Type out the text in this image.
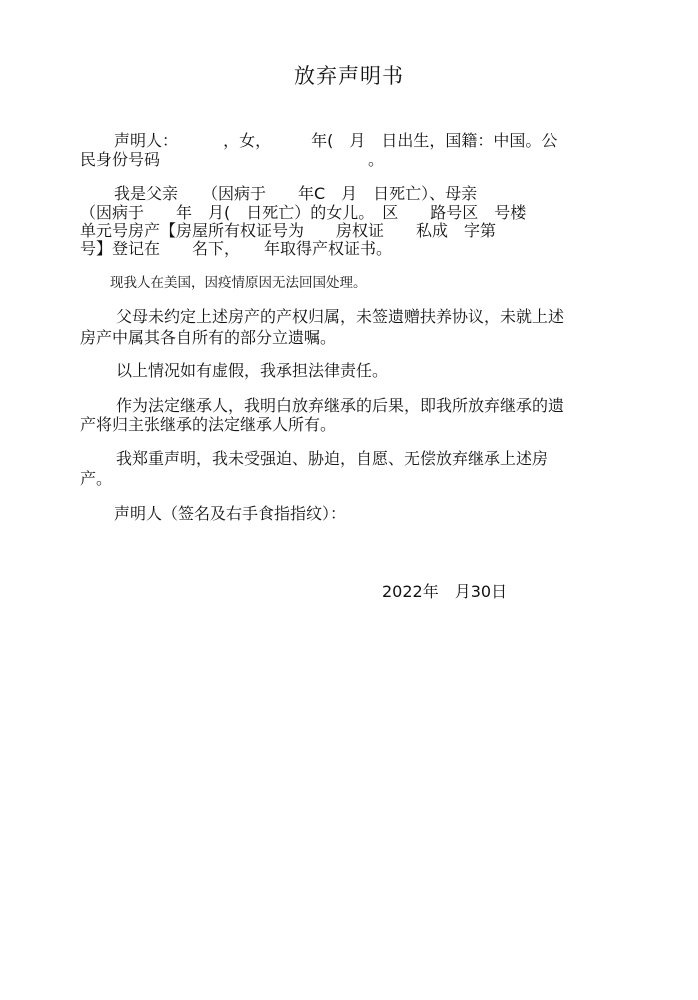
放弃声明书
声明人：　　　 ，女，　　　年(　月　日出生，国籍：中国。公
民身份号码　　　　　　　　　　　　　。
我是父亲　　（因病于　　年C　月　日死亡）、母亲
（因病于　　年　月(　日死亡）的女儿。　区　　路号区　号楼
单元号房产【房屋所有权证号为　　房权证　　私成　字第
号】登记在　　名下，　　年取得产权证书。
现我人在美国，因疫情原因无法回国处理。
父母未约定上述房产的产权归属，未签遗赠扶养协议，未就上述
房产中属其各自所有的部分立遗嘱。
以上情况如有虚假，我承担法律责任。
作为法定继承人，我明白放弃继承的后果，即我所放弃继承的遗
产将归主张继承的法定继承人所有。
我郑重声明，我未受强迫、胁迫，自愿、无偿放弃继承上述房
产。
声明人（签名及右手食指指纹）：
2022年　月30日
